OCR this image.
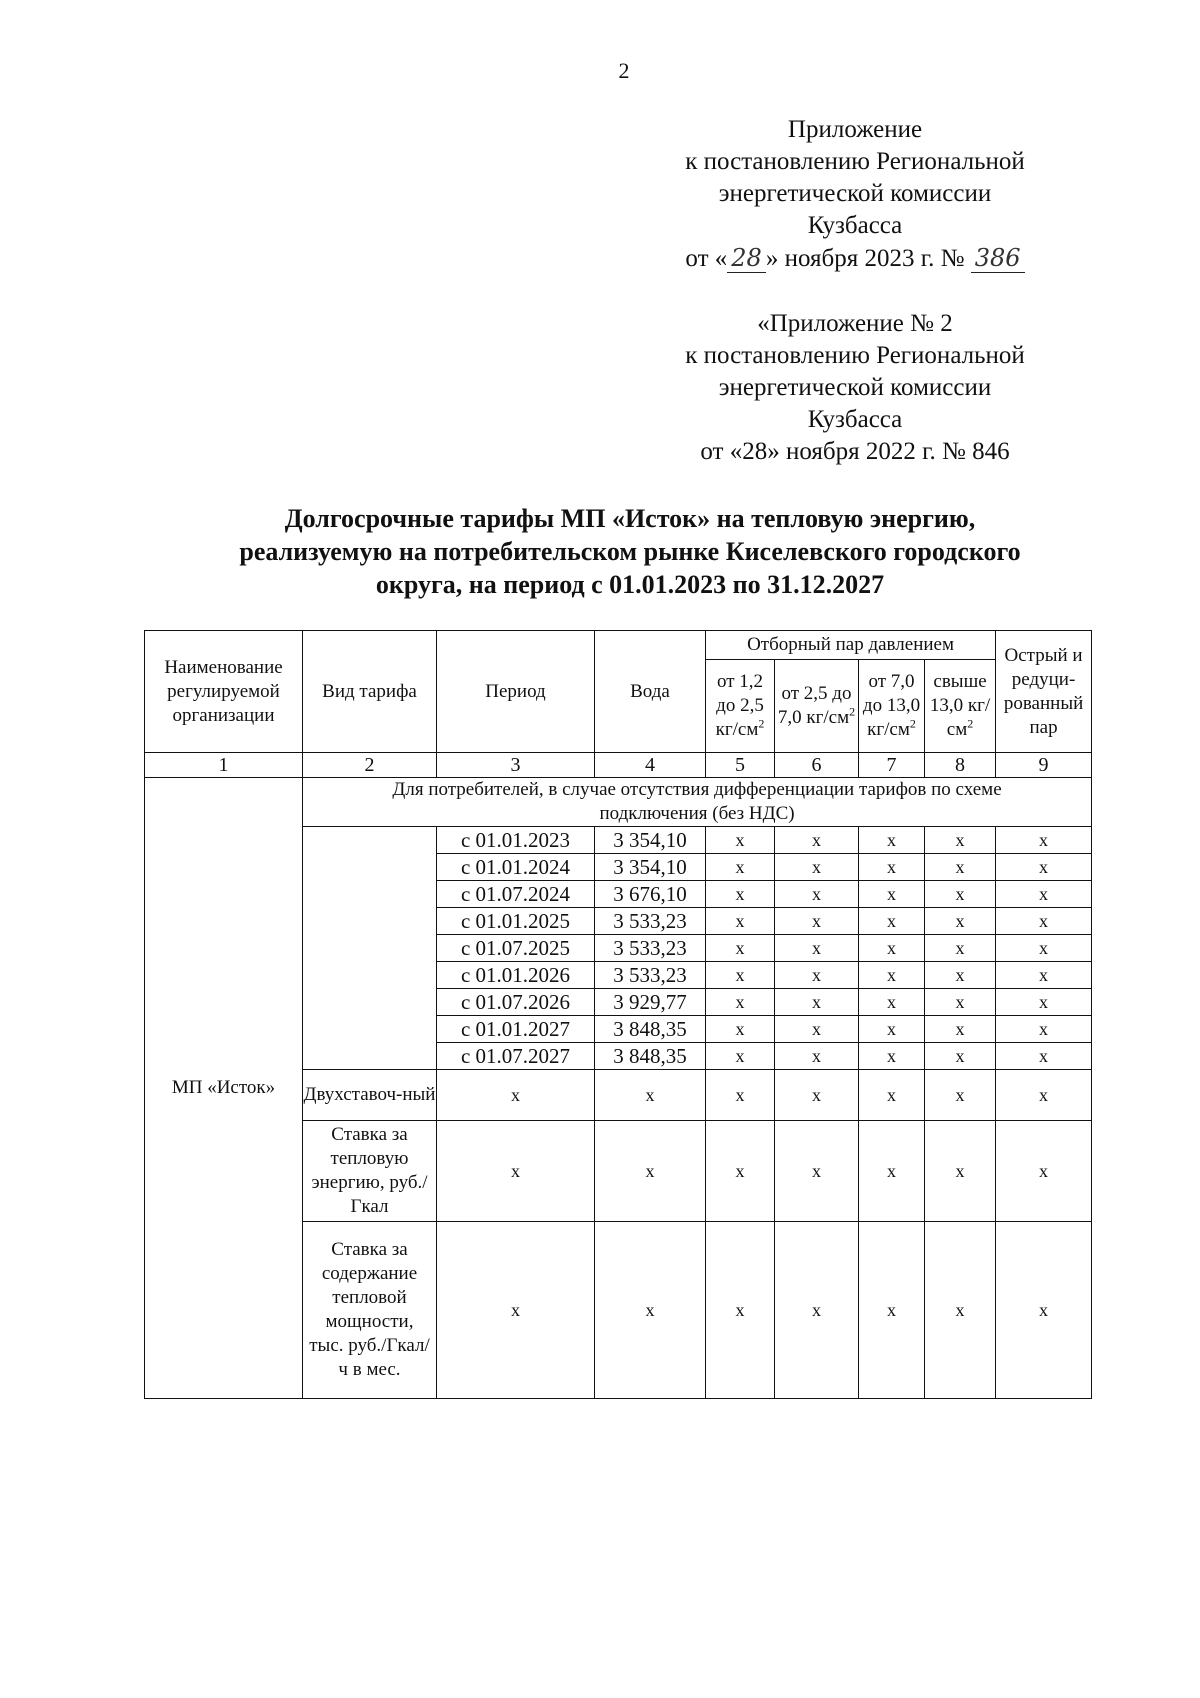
2
Приложение
к постановлению Региональной
энергетической комиссии
Кузбасса
от « 28 » ноября 2023 г. № 386
«Приложение № 2
к постановлению Региональной
энергетической комиссии
Кузбасса
от «28» ноября 2022 г. № 846
Долгосрочные тарифы МП «Исток» на тепловую энергию,
реализуемую на потребительском рынке Киселевского городского
округа, на период с 01.01.2023 по 31.12.2027
Наименование регулируемой организации	Вид тарифа	Период	Вода	Отборный пар давлением				Острый и редуци-рованный пар
				от 1,2 до 2,5 $кг/см^2$	от 2,5 до 7,0 $кг/см^2$	от 7,0 до 13,0 $кг/см^2$	свыше 13,0 $кг/см^2$
1	2	3	4	5	6	7	8	9
МП «Исток»	Для потребителей, в случае отсутствия дифференциации тарифов по схеме подключения (без НДС)							
		с 01.01.2023	3 354,10	x	x	x	x	x
		с 01.01.2024	3 354,10	x	x	x	x	x
		с 01.07.2024	3 676,10	x	x	x	x	x
		с 01.01.2025	3 533,23	x	x	x	x	x
		с 01.07.2025	3 533,23	x	x	x	x	x
		с 01.01.2026	3 533,23	x	x	x	x	x
		с 01.07.2026	3 929,77	x	x	x	x	x
		с 01.01.2027	3 848,35	x	x	x	x	x
		с 01.07.2027	3 848,35	x	x	x	x	x
	Двухставоч-ный	x	x	x	x	x	x	x
	Ставка за тепловую энергию, руб./Гкал	x	x	x	x	x	x	x
	Ставка за содержание тепловой мощности, тыс. руб./Гкал/ч в мес.	x	x	x	x	x	x	x
